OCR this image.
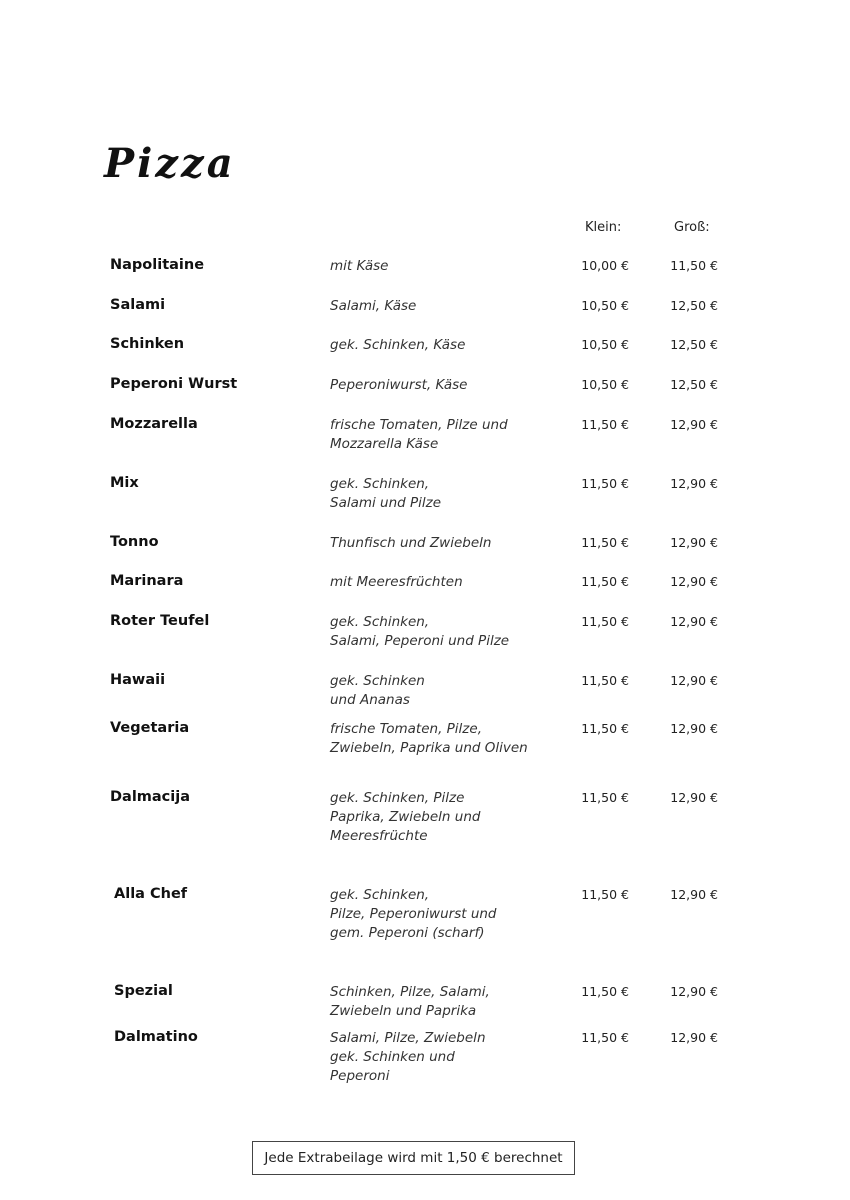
Pizza
Klein:	Groß:
Napolitaine	mit Käse	10,00 €	11,50 €
Salami	Salami, Käse	10,50 €	12,50 €
Schinken	gek. Schinken, Käse	10,50 €	12,50 €
Peperoni Wurst	Peperoniwurst, Käse	10,50 €	12,50 €
Mozzarella	frische Tomaten, Pilze und
Mozzarella Käse
11,50 €	12,90 €
Mix	gek. Schinken,
Salami und Pilze
11,50 €	12,90 €
Tonno	Thunfisch und Zwiebeln	11,50 €	12,90 €
Marinara	mit Meeresfrüchten	11,50 €	12,90 €
Roter Teufel	gek. Schinken,
Salami, Peperoni und Pilze
11,50 €	12,90 €
Hawaii	gek. Schinken
und Ananas
11,50 €	12,90 €
Vegetaria	frische Tomaten, Pilze,
Zwiebeln, Paprika und Oliven
11,50 €	12,90 €
Dalmacija	gek. Schinken, Pilze
Paprika, Zwiebeln und
Meeresfrüchte
11,50 €	12,90 €
Alla Chef	gek. Schinken,
Pilze, Peperoniwurst und
gem. Peperoni (scharf)
11,50 €	12,90 €
Spezial	Schinken, Pilze, Salami,
Zwiebeln und Paprika
11,50 €	12,90 €
Dalmatino	Salami, Pilze, Zwiebeln
gek. Schinken und
Peperoni
11,50 €	12,90 €
Jede Extrabeilage wird mit 1,50 € berechnet
